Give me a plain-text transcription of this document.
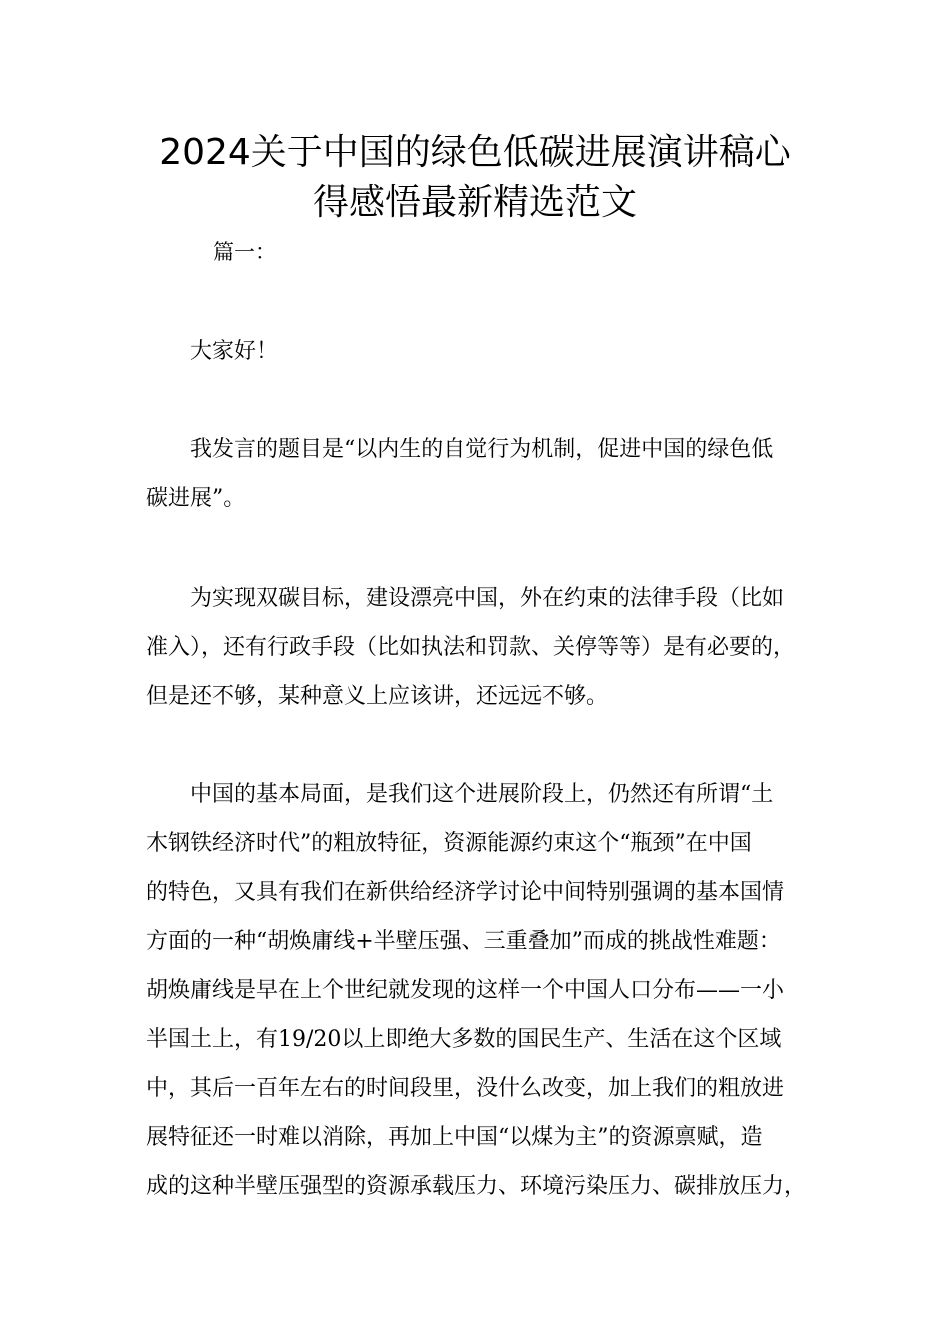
2024关于中国的绿色低碳进展演讲稿心
得感悟最新精选范文
篇一：

大家好！

我发言的题目是“以内生的自觉行为机制，促进中国的绿色低
碳进展”。

为实现双碳目标，建设漂亮中国，外在约束的法律手段（比如
准入），还有行政手段（比如执法和罚款、关停等等）是有必要的，
但是还不够，某种意义上应该讲，还远远不够。

中国的基本局面，是我们这个进展阶段上，仍然还有所谓“土
木钢铁经济时代”的粗放特征，资源能源约束这个“瓶颈”在中国
的特色，又具有我们在新供给经济学讨论中间特别强调的基本国情
方面的一种“胡焕庸线+半壁压强、三重叠加”而成的挑战性难题：
胡焕庸线是早在上个世纪就发现的这样一个中国人口分布——一小
半国土上，有19/20以上即绝大多数的国民生产、生活在这个区域
中，其后一百年左右的时间段里，没什么改变，加上我们的粗放进
展特征还一时难以消除，再加上中国“以煤为主”的资源禀赋，造
成的这种半壁压强型的资源承载压力、环境污染压力、碳排放压力，
